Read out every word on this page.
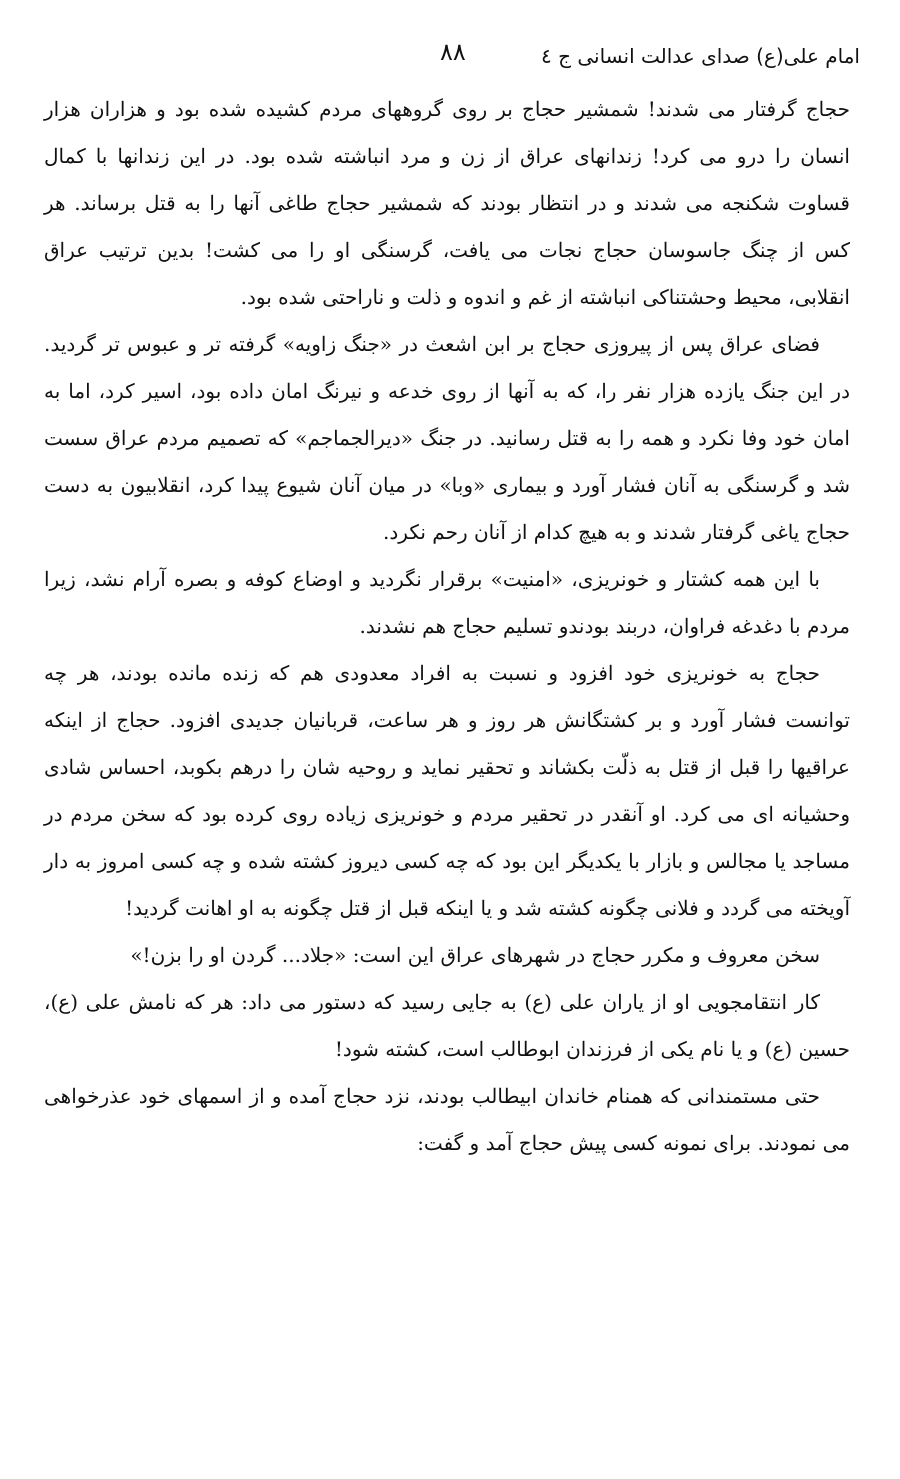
امام علی(ع) صدای عدالت انسانی ج ٤
۸۸

حجاج گرفتار می شدند! شمشیر حجاج بر روی گروههای مردم کشیده شده بود و هزاران هزار انسان را درو می کرد! زندانهای عراق از زن و مرد انباشته شده بود. در این زندانها با کمال قساوت شکنجه می شدند و در انتظار بودند که شمشیر حجاج طاغی آنها را به قتل برساند. هر کس از چنگ جاسوسان حجاج نجات می یافت، گرسنگی او را می کشت! بدین ترتیب عراق انقلابی، محیط وحشتناکی انباشته از غم و اندوه و ذلت و ناراحتی شده بود.

فضای عراق پس از پیروزی حجاج بر ابن اشعث در «جنگ زاویه» گرفته تر و عبوس تر گردید. در این جنگ یازده هزار نفر را، که به آنها از روی خدعه و نیرنگ امان داده بود، اسیر کرد، اما به امان خود وفا نکرد و همه را به قتل رسانید. در جنگ «دیرالجماجم» که تصمیم مردم عراق سست شد و گرسنگی به آنان فشار آورد و بیماری «وبا» در میان آنان شیوع پیدا کرد، انقلابیون به دست حجاج یاغی گرفتار شدند و به هیچ کدام از آنان رحم نکرد.

با این همه کشتار و خونریزی، «امنیت» برقرار نگردید و اوضاع کوفه و بصره آرام نشد، زیرا مردم با دغدغه فراوان، دربند بودندو تسلیم حجاج هم نشدند.

حجاج به خونریزی خود افزود و نسبت به افراد معدودی هم که زنده مانده بودند، هر چه توانست فشار آورد و بر کشتگانش هر روز و هر ساعت، قربانیان جدیدی افزود. حجاج از اینکه عراقیها را قبل از قتل به ذلّت بکشاند و تحقیر نماید و روحیه شان را درهم بکوبد، احساس شادی وحشیانه ای می کرد. او آنقدر در تحقیر مردم و خونریزی زیاده روی کرده بود که سخن مردم در مساجد یا مجالس و بازار با یکدیگر این بود که چه کسی دیروز کشته شده و چه کسی امروز به دار آویخته می گردد و فلانی چگونه کشته شد و یا اینکه قبل از قتل چگونه به او اهانت گردید!

سخن معروف و مکرر حجاج در شهرهای عراق این است: «جلاد... گردن او را بزن!»

کار انتقامجویی او از یاران علی (ع) به جایی رسید که دستور می داد: هر که نامش علی (ع)، حسین (ع) و یا نام یکی از فرزندان ابوطالب است، کشته شود!

حتی مستمندانی که همنام خاندان ابیطالب بودند، نزد حجاج آمده و از اسمهای خود عذرخواهی می نمودند. برای نمونه کسی پیش حجاج آمد و گفت:
